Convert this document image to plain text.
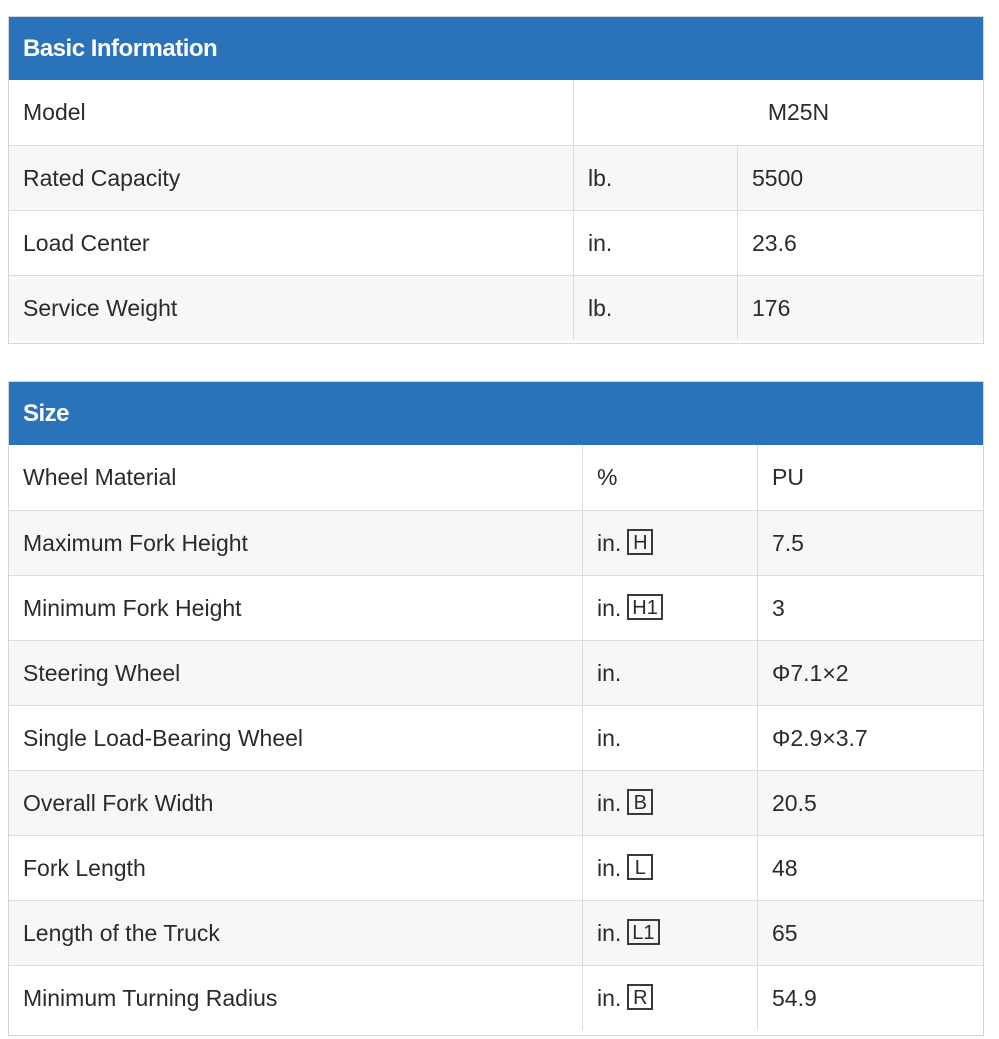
Basic Information
Model	M25N
Rated Capacity	lb.	5500
Load Center	in.	23.6
Service Weight	lb.	176
Size
Wheel Material	%	PU
Maximum Fork Height	in. H	7.5
Minimum Fork Height	in. H1	3
Steering Wheel	in.	Φ7.1×2
Single Load-Bearing Wheel	in.	Φ2.9×3.7
Overall Fork Width	in. B	20.5
Fork Length	in. L	48
Length of the Truck	in. L1	65
Minimum Turning Radius	in. R	54.9
